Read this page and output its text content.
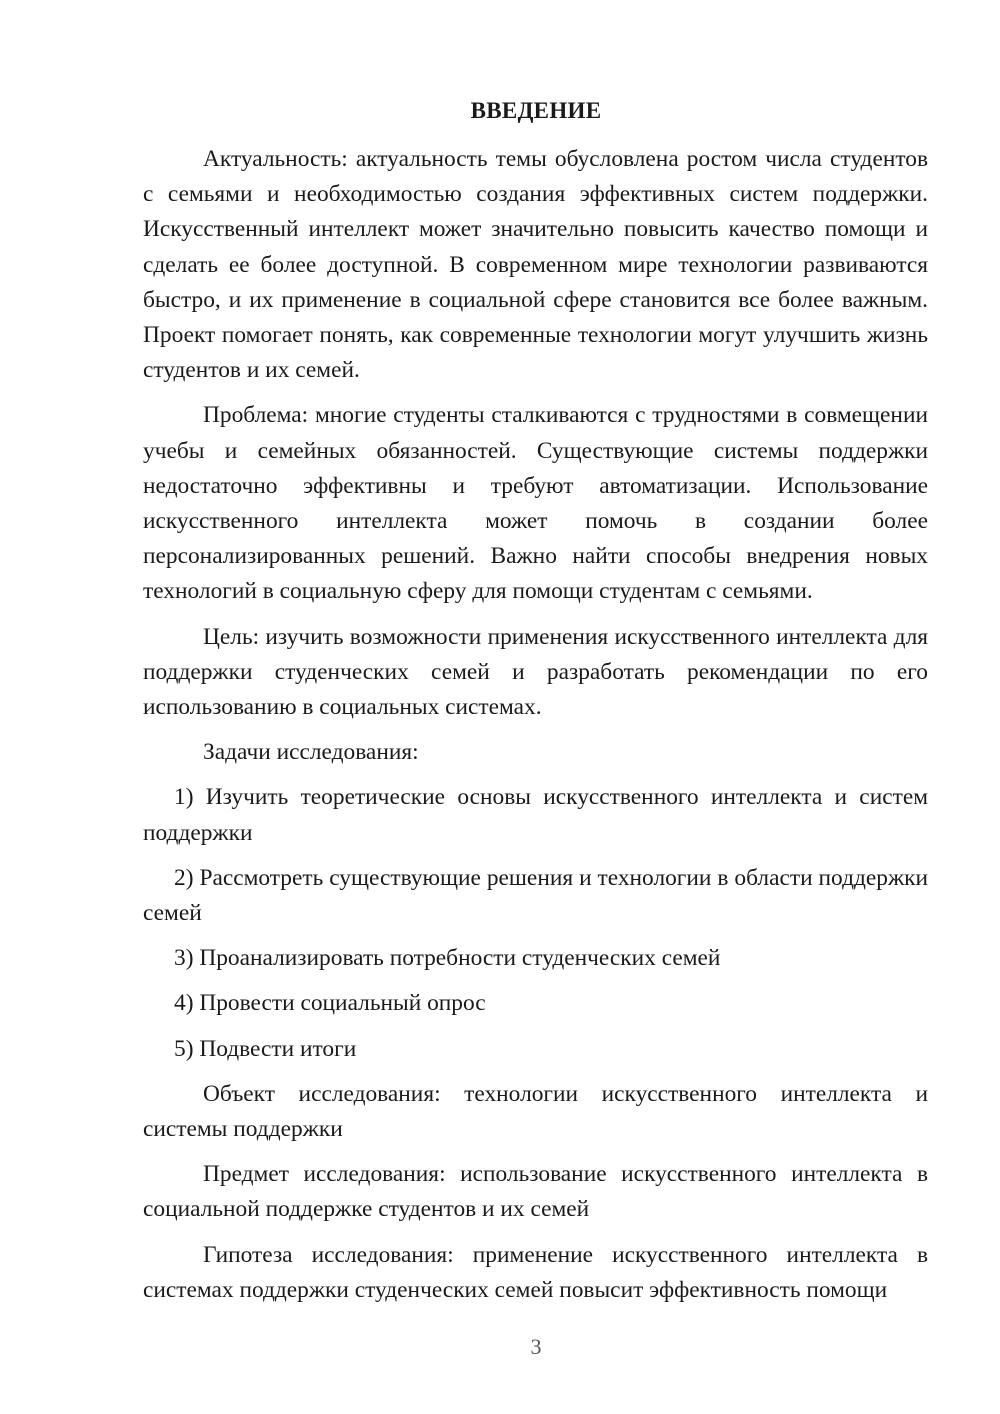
ВВЕДЕНИЕ

Актуальность: актуальность темы обусловлена ростом числа студентов с семьями и необходимостью создания эффективных систем поддержки. Искусственный интеллект может значительно повысить качество помощи и сделать ее более доступной. В современном мире технологии развиваются быстро, и их применение в социальной сфере становится все более важным. Проект помогает понять, как современные технологии могут улучшить жизнь студентов и их семей.

Проблема: многие студенты сталкиваются с трудностями в совмещении учебы и семейных обязанностей. Существующие системы поддержки недостаточно эффективны и требуют автоматизации. Использование искусственного интеллекта может помочь в создании более персонализированных решений. Важно найти способы внедрения новых технологий в социальную сферу для помощи студентам с семьями.

Цель: изучить возможности применения искусственного интеллекта для поддержки студенческих семей и разработать рекомендации по его использованию в социальных системах.

Задачи исследования:

1) Изучить теоретические основы искусственного интеллекта и систем поддержки

2) Рассмотреть существующие решения и технологии в области поддержки семей

3) Проанализировать потребности студенческих семей

4) Провести социальный опрос

5) Подвести итоги

Объект исследования: технологии искусственного интеллекта и системы поддержки

Предмет исследования: использование искусственного интеллекта в социальной поддержке студентов и их семей

Гипотеза исследования: применение искусственного интеллекта в системах поддержки студенческих семей повысит эффективность помощи

3
